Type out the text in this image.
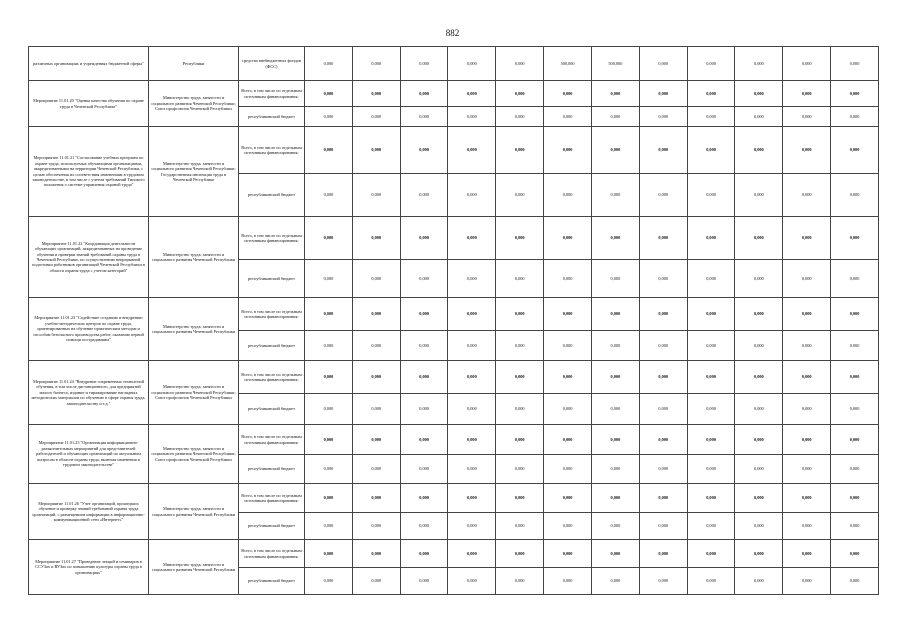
882
различных организациях и учреждениях бюджетной сферы"	Республики	средства внебюджетных фондов (ФСС)	0,000	0,000	0,000	0,000	0,000	500,000	500,000	0,000	0,000	0,000	0,000	0,000
Мероприятие 11.01.20 "Оценка качества обучения по охране труда в Чеченской Республике"	Министерство труда, занятости и социального развития Чеченской Республики; Союз профсоюзов Чеченской Республики	Всего, в том числе по отдельным источникам финансирования:	0,000	0,000	0,000	0,000	0,000	0,000	0,000	0,000	0,000	0,000	0,000	0,000
		республиканский бюджет	0,000	0,000	0,000	0,000	0,000	0,000	0,000	0,000	0,000	0,000	0,000	0,000
Мероприятие 11.01.21 "Согласование учебных программ по охране труда, используемых обучающими организациями, аккредитованными на территории Чеченской Республики, с целью обеспечения их соответствия изменениям в трудовом законодательстве, в том числе с учетом требований Типового положения о системе управления охраной труда"	Министерство труда, занятости и социального развития Чеченской Республики; Государственная инспекция труда в Чеченской Республике	Всего, в том числе по отдельным источникам финансирования:	0,000	0,000	0,000	0,000	0,000	0,000	0,000	0,000	0,000	0,000	0,000	0,000
		республиканский бюджет	0,000	0,000	0,000	0,000	0,000	0,000	0,000	0,000	0,000	0,000	0,000	0,000
Мероприятие 11.01.22 "Координация деятельности обучающих организаций, аккредитованных на проведение обучения и проверки знаний требований охраны труда в Чеченской Республике, по осуществлению непрерывной подготовки работников организаций Чеченской Республики в области охраны труда с учетом категорий"	Министерство труда, занятости и социального развития Чеченской Республики	Всего, в том числе по отдельным источникам финансирования:	0,000	0,000	0,000	0,000	0,000	0,000	0,000	0,000	0,000	0,000	0,000	0,000
		республиканский бюджет	0,000	0,000	0,000	0,000	0,000	0,000	0,000	0,000	0,000	0,000	0,000	0,000
Мероприятие 11.01.23 "Содействие созданию и внедрению учебно-методических центров по охране труда, ориентированных на обучение практическим методам и способам безопасного производства работ, оказанию первой помощи пострадавшим"	Министерство труда, занятости и социального развития Чеченской Республики	Всего, в том числе по отдельным источникам финансирования:	0,000	0,000	0,000	0,000	0,000	0,000	0,000	0,000	0,000	0,000	0,000	0,000
		республиканский бюджет	0,000	0,000	0,000	0,000	0,000	0,000	0,000	0,000	0,000	0,000	0,000	0,000
Мероприятие 11.01.24 "Внедрение современных технологий обучения, в том числе дистанционного, для предприятий малого бизнеса, издание и тиражирование наглядных методических материалов по обучению в сфере охраны труда, законодательству и т.д."	Министерство труда, занятости и социального развития Чеченской Республики; Союз профсоюзов Чеченской Республики	Всего, в том числе по отдельным источникам финансирования:	0,000	0,000	0,000	0,000	0,000	0,000	0,000	0,000	0,000	0,000	0,000	0,000
		республиканский бюджет	0,000	0,000	0,000	0,000	0,000	0,000	0,000	0,000	0,000	0,000	0,000	0,000
Мероприятие 11.01.25 "Организация информационно-разъяснительных мероприятий для представителей работодателей и обучающих организаций по актуальным вопросам в области охраны труда, включая изменения в трудовом законодательстве"	Министерство труда, занятости и социального развития Чеченской Республики; Союз профсоюзов Чеченской Республики	Всего, в том числе по отдельным источникам финансирования:	0,000	0,000	0,000	0,000	0,000	0,000	0,000	0,000	0,000	0,000	0,000	0,000
		республиканский бюджет	0,000	0,000	0,000	0,000	0,000	0,000	0,000	0,000	0,000	0,000	0,000	0,000
Мероприятие 11.01.26 "Учет организаций, прошедших обучение и проверку знаний требований охраны труда организаций, с размещением информации в информационно-коммуникационной сети «Интернет»"	Министерство труда, занятости и социального развития Чеченской Республики	Всего, в том числе по отдельным источникам финансирования:	0,000	0,000	0,000	0,000	0,000	0,000	0,000	0,000	0,000	0,000	0,000	0,000
		республиканский бюджет	0,000	0,000	0,000	0,000	0,000	0,000	0,000	0,000	0,000	0,000	0,000	0,000
Мероприятие 11.01.27 "Проведение лекций и семинаров в ССУЗах и ВУЗах по повышению культуры охраны труда в организациях"	Министерство труда, занятости и социального развития Чеченской Республики	Всего, в том числе по отдельным источникам финансирования:	0,000	0,000	0,000	0,000	0,000	0,000	0,000	0,000	0,000	0,000	0,000	0,000
		республиканский бюджет	0,000	0,000	0,000	0,000	0,000	0,000	0,000	0,000	0,000	0,000	0,000	0,000
